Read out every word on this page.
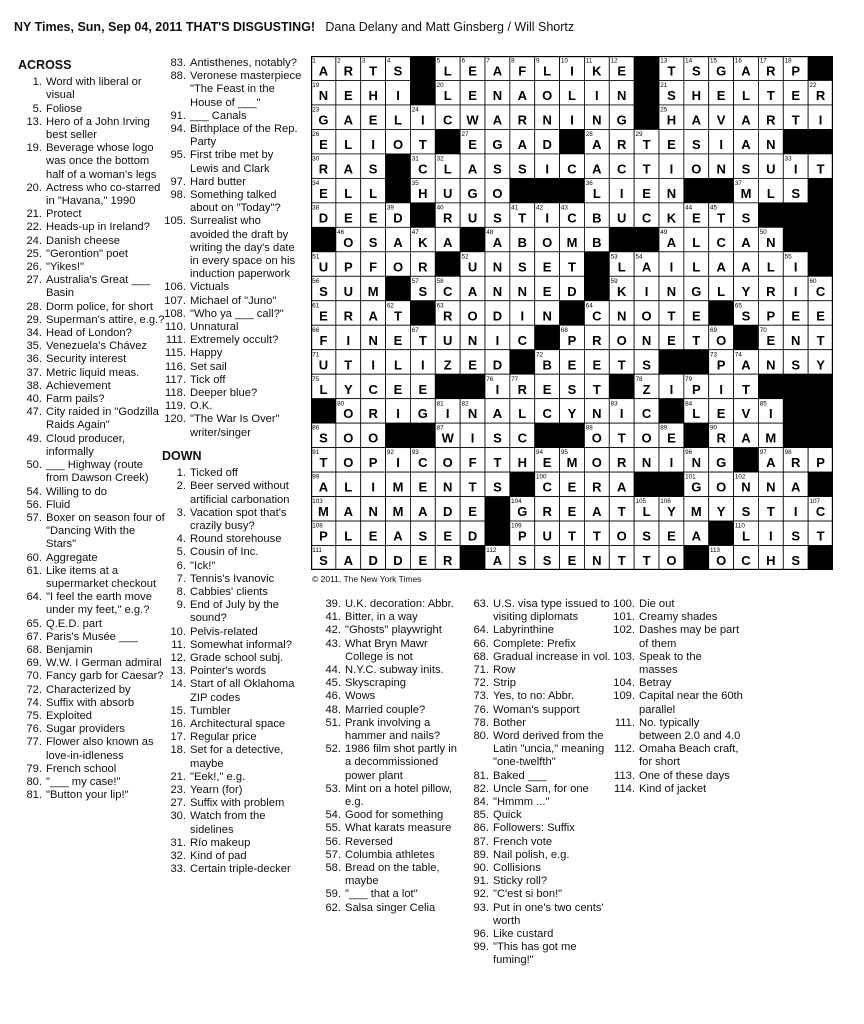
NY Times, Sun, Sep 04, 2011 THAT'S DISGUSTING! Dana Delany and Matt Ginsberg / Will Shortz
ACROSS
1. Word with liberal or visual
5. Foliose
13. Hero of a John Irving best seller
19. Beverage whose logo was once the bottom half of a woman's legs
20. Actress who co-starred in "Havana," 1990
21. Protect
22. Heads-up in Ireland?
24. Danish cheese
25. "Gerontion" poet
26. "Yikes!"
27. Australia's Great ___ Basin
28. Dorm police, for short
29. Superman's attire, e.g.?
34. Head of London?
35. Venezuela's Chávez
36. Security interest
37. Metric liquid meas.
38. Achievement
40. Farm pails?
47. City raided in "Godzilla Raids Again"
49. Cloud producer, informally
50. ___ Highway (route from Dawson Creek)
54. Willing to do
56. Fluid
57. Boxer on season four of "Dancing With the Stars"
60. Aggregate
61. Like items at a supermarket checkout
64. "I feel the earth move under my feet," e.g.?
65. Q.E.D. part
67. Paris's Musée ___
68. Benjamin
69. W.W. I German admiral
70. Fancy garb for Caesar?
72. Characterized by
74. Suffix with absorb
75. Exploited
76. Sugar providers
77. Flower also known as love-in-idleness
79. French school
80. "___ my case!"
81. "Button your lip!"
83. Antisthenes, notably?
88. Veronese masterpiece "The Feast in the House of ___"
91. ___ Canals
94. Birthplace of the Rep. Party
95. First tribe met by Lewis and Clark
97. Hard butter
98. Something talked about on "Today"?
105. Surrealist who avoided the draft by writing the day's date in every space on his induction paperwork
106. Victuals
107. Michael of "Juno"
108. "Who ya ___ call?"
110. Unnatural
111. Extremely occult?
115. Happy
116. Set sail
117. Tick off
118. Deeper blue?
119. O.K.
120. "The War Is Over" writer/singer
DOWN
1. Ticked off
2. Beer served without artificial carbonation
3. Vacation spot that's crazily busy?
4. Round storehouse
5. Cousin of Inc.
6. "Ick!"
7. Tennis's Ivanovic
8. Cabbies' clients
9. End of July by the sound?
10. Pelvis-related
11. Somewhat informal?
12. Grade school subj.
13. Pointer's words
14. Start of all Oklahoma ZIP codes
15. Tumbler
16. Architectural space
17. Regular price
18. Set for a detective, maybe
21. "Eek!," e.g.
23. Yearn (for)
27. Suffix with problem
30. Watch from the sidelines
31. Río makeup
32. Kind of pad
33. Certain triple-decker
39. U.K. decoration: Abbr.
41. Bitter, in a way
42. "Ghosts" playwright
43. What Bryn Mawr College is not
44. N.Y.C. subway inits.
45. Skyscraping
46. Wows
48. Married couple?
51. Prank involving a hammer and nails?
52. 1986 film shot partly in a decommissioned power plant
53. Mint on a hotel pillow, e.g.
54. Good for something
55. What karats measure
56. Reversed
57. Columbia athletes
58. Bread on the table, maybe
59. "___ that a lot"
62. Salsa singer Celia
63. U.S. visa type issued to visiting diplomats
64. Labyrinthine
66. Complete: Prefix
68. Gradual increase in vol.
71. Row
72. Strip
73. Yes, to no: Abbr.
76. Woman's support
78. Bother
80. Word derived from the Latin "uncia," meaning "one-twelfth"
81. Baked ___
82. Uncle Sam, for one
84. "Hmmm ..."
85. Quick
86. Followers: Suffix
87. French vote
89. Nail polish, e.g.
90. Collisions
91. Sticky roll?
92. "C'est si bon!"
93. Put in one's two cents' worth
96. Like custard
99. "This has got me fuming!"
100. Die out
101. Creamy shades
102. Dashes may be part of them
103. Speak to the masses
104. Betray
109. Capital near the 60th parallel
111. No. typically between 2.0 and 4.0
112. Omaha Beach craft, for short
113. One of these days
114. Kind of jacket
1
A
2
R
3
T
4
S
5
L
6
E
7
A
8
F
9
L
10
I
11
K
12
E
13
T
14
S
15
G
16
A
17
R
18
P
19
N E H I
20
L E N A O L I N
21
S H E L T E
22
R
23
G A E L
24
I C W A R N I N G
25
H A V A R T I
26
E L I O T
27
E G A D
28
A R
29
T E S I A N
30
R A S
31
C
32
L A S S I C A C T I O N S U
33
I T
34
E L L
35
H U G O
36
L I E N
37
M L S
38
D E E
39
D
40
R U S
41
T
42
I
43
C B U C K
44
E
45
T S
46
O S A
47
K A
48
A B O M B
49
A L C A
50
N
51
U P F O R
52
U N S E T
53
L
54
A I L A A L
55
I
56
S U M
57
S
58
C A N N E D
59
K I N G L Y R I
60
C
61
E R A
62
T
63
R O D I N
64
C N O T E
65
S P E E
66
F I N E
67
T U N I C
68
P R O N E T
69
O
70
E N T
71
U T I L I Z E D
72
B E E T S
73
P
74
A N S Y
75
L Y C E E
76
I
77
R E S T
78
Z I
79
P I T
80
O R I G
81
I
82
N A L C Y N
83
I C
84
L E V
85
I
86
S O O
87
W I S C
88
O T O
89
E
90
R A M
91
T O P
92
I
93
C O F T H
94
E
95
M O R N I
96
N G
97
A
98
R P
99
A L I M E N T S
100
C E R A
101
G O
102
N N A
103
M A N M A D E
104
G R E A T
105
L
106
Y M Y S T I
107
C
108
P L E A S E D
109
P U T T O S E A
110
L I S T
111
S A D D E R
112
A S S E N T T O
113
O C H S
© 2011, The New York Times
